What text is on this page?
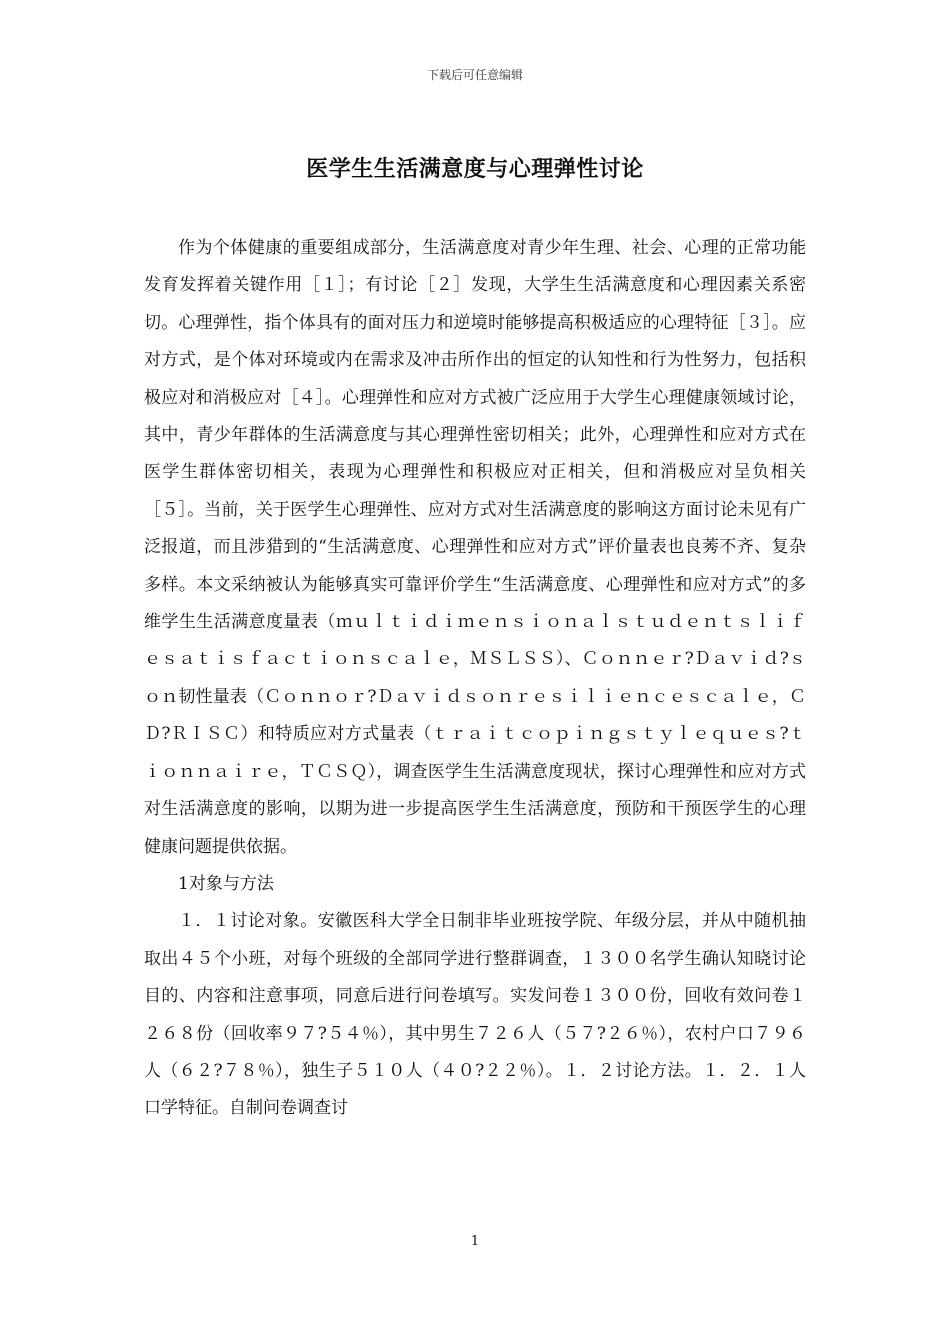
下载后可任意编辑
医学生生活满意度与心理弹性讨论

作为个体健康的重要组成部分，生活满意度对青少年生理、社会、心理的正常功能发育发挥着关键作用［１］；有讨论［２］发现，大学生生活满意度和心理因素关系密切。心理弹性，指个体具有的面对压力和逆境时能够提高积极适应的心理特征［３］。应对方式，是个体对环境或内在需求及冲击所作出的恒定的认知性和行为性努力，包括积极应对和消极应对［４］。心理弹性和应对方式被广泛应用于大学生心理健康领域讨论，其中，青少年群体的生活满意度与其心理弹性密切相关；此外，心理弹性和应对方式在医学生群体密切相关，表现为心理弹性和积极应对正相关，但和消极应对呈负相关［５］。当前，关于医学生心理弹性、应对方式对生活满意度的影响这方面讨论未见有广泛报道，而且涉猎到的“生活满意度、心理弹性和应对方式”评价量表也良莠不齐、复杂多样。本文采纳被认为能够真实可靠评价学生“生活满意度、心理弹性和应对方式”的多维学生生活满意度量表（ｍｕｌｔｉｄｉｍｅｎｓｉｏｎａｌｓｔｕｄｅｎｔｓｌｉｆｅｓａｔｉｓｆａｃｔｉｏｎｓｃａｌｅ，ＭＳＬＳＳ）、Ｃｏｎｎｅｒ?Ｄａｖｉｄ?ｓｏｎ韧性量表（Ｃｏｎｎｏｒ?Ｄａｖｉｄｓｏｎｒｅｓｉｌｉｅｎｃｅｓｃａｌｅ，ＣＤ?ＲＩＳＣ）和特质应对方式量表（ｔｒａｉｔｃｏｐｉｎｇｓｔｙｌｅｑｕｅｓ?ｔｉｏｎｎａｉｒｅ，ＴＣＳＱ），调查医学生生活满意度现状，探讨心理弹性和应对方式对生活满意度的影响，以期为进一步提高医学生生活满意度，预防和干预医学生的心理健康问题提供依据。

1对象与方法

１．１讨论对象。安徽医科大学全日制非毕业班按学院、年级分层，并从中随机抽取出４５个小班，对每个班级的全部同学进行整群调查，１３００名学生确认知晓讨论目的、内容和注意事项，同意后进行问卷填写。实发问卷１３００份，回收有效问卷１２６８份（回收率９７?５４％），其中男生７２６人（５７?２６％），农村户口７９６人（６２?７８％），独生子５１０人（４０?２２％）。１．２讨论方法。１．２．１人口学特征。自制问卷调查讨

1
